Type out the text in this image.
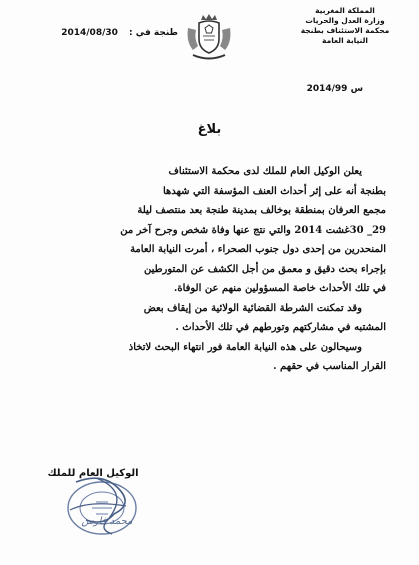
المملكة المغربية
وزارة العدل والحريات
محكمة الاستئناف بطنجة
النيابة العامة
طنجة في : 2014/08/30
س 2014/99
بلاغ
يعلن الوكيل العام للملك لدى محكمة الاستئناف
بطنجة أنه على إثر أحداث العنف المؤسفة التي شهدها
مجمع العرفان بمنطقة بوخالف بمدينة طنجة بعد منتصف ليلة
29_ 30غشت 2014 والتي نتج عنها وفاة شخص وجرح آخر من
المنحدرين من إحدى دول جنوب الصحراء ، أمرت النيابة العامة
بإجراء بحث دقيق و معمق من أجل الكشف عن المتورطين
في تلك الأحداث خاصة المسؤولين منهم عن الوفاة.
وقد تمكنت الشرطة القضائية الولائية من إيقاف بعض
المشتبه في مشاركتهم وتورطهم في تلك الأحداث .
وسيحالون على هذه النيابة العامة فور انتهاء البحث لاتخاذ
القرار المناسب في حقهم .
الوكيل العام للملك
محمد فارس
